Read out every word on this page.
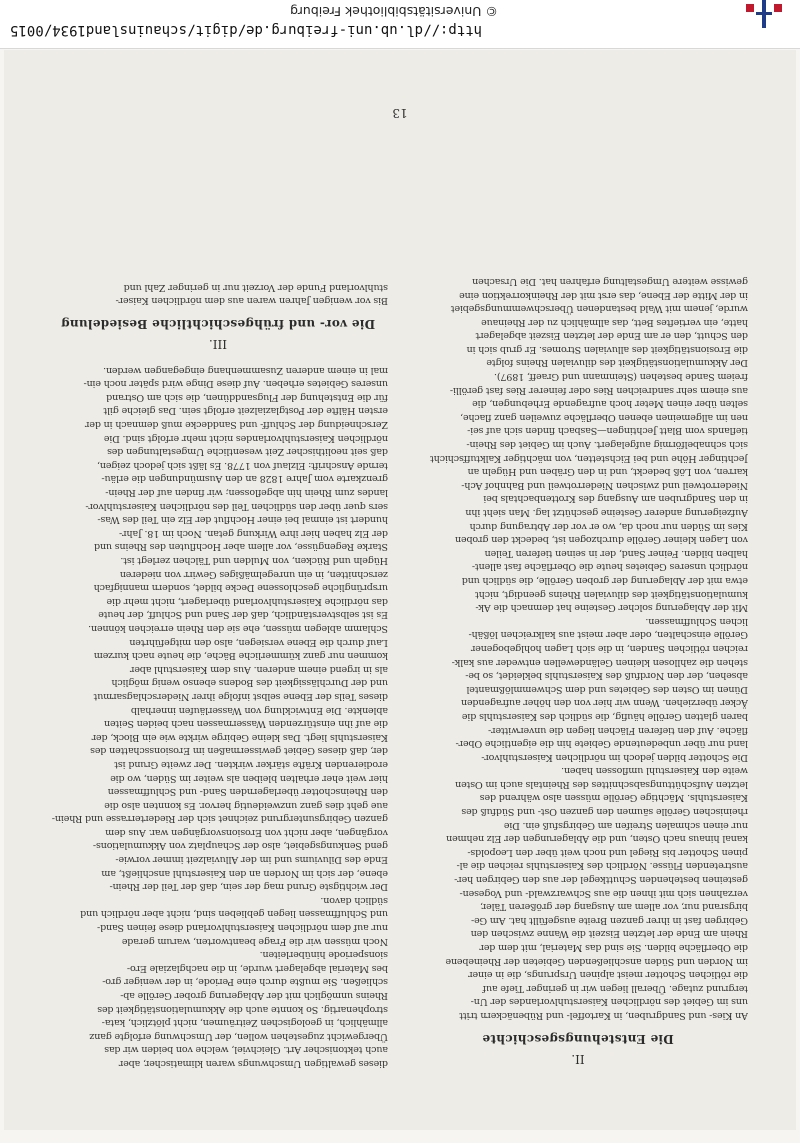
http://dl.ub.uni-freiburg.de/digit/schauinsland1934/0015
© Universitätsbibliothek Freiburg
II.
Die Entstehungsgeschichte
An Kies- und Sandgruben, in Kartoffel- und Rübenäckern tritt
uns im Gebiet des nördlichen Kaiserstuhlvorlandes der Un-
tergrund zutage. Überall liegen wir in geringer Tiefe auf
die rötlichen Schotter meist alpinen Ursprungs, die in einer
im Norden und Süden anschließenden Gebieten der Rheinebene
die Oberfläche bilden. Sie sind das Material, mit dem der
Rhein am Ende der letzten Eiszeit die Wanne zwischen den
Gebirgen fast in ihrer ganzen Breite ausgefüllt hat. Am Ge-
birgsrand nur, vor allem am Ausgang der größeren Täler,
verzahnen sich mit ihnen die aus Schwarzwald- und Vogesen-
gesteinen bestehenden Schuttkegel der aus den Gebirgen her-
austretenden Flüsse. Nördlich des Kaiserstuhls reichen die al-
pinen Schotter bis Riegel und noch weit über den Leopolds-
kanal hinaus nach Osten, und die Ablagerungen der Elz nehmen
nur einen schmalen Streifen am Gebirgsfuß ein. Die
rheinischen Gerölle säumen den ganzen Ost- und Südfuß des
Kaiserstuhls. Mächtige Gerölle müssen also während des
letzten Aufschüttungsabschnittes des Rheintals auch im Osten
weite den Kaiserstuhl umflossen haben.
Die Schotter bilden jedoch im nördlichen Kaiserstuhlvor-
land nur über unbedeutende Gebiete hin die eigentliche Ober-
fläche. Auf den tieferen Flächen liegen die unverwitter-
baren glatten Gerölle häufig, die südlich des Kaiserstuhls die
Äcker überziehen. Wenn wir hier von den höher aufragenden
Dünen im Osten des Gebietes und dem Schwemmlößmantel
absehen, der den Nordfuß des Kaiserstuhls bekleidet, so be-
stehen die zahllosen kleinen Geländewellen entweder aus kalk-
reichen rötlichen Sanden, in die sich Lagen hohlgebogener
Gerölle einschalten, oder aber meist aus kalkreichen lößäh-
lichen Schluffmassen.
Mit der Ablagerung solcher Gesteine hat demnach die Ak-
kumulationstätigkeit des diluvialen Rheins geendigt, nicht
etwa mit der Ablagerung der groben Gerölle, die südlich und
nördlich unseres Gebietes heute die Oberfläche fast allent-
halben bilden. Feiner Sand, der in seinen tieferen Teilen
von Lagen kleiner Gerölle durchzogen ist, bedeckt den groben
Kies im Süden nur noch da, wo er vor der Abtragung durch
Aufzeigerung anderer Gesteine geschützt lag. Man sieht ihn
in den Sandgruben am Ausgang des Krottenbachtals bei
Niederrotweil und zwischen Niederrotweil und Bahnhof Ach-
karren, von Löß bedeckt, und in den Gräben und Hügeln an
Jechtinger Höhe und bei Eichstetten, von mächtiger Kalktuffschicht
sich schnabelförmig aufgelagert. Auch im Gebiet des Rhein-
tieflands vom Blatt Jechtingen—Sasbach finden sich auf sei-
nen im allgemeinen ebenen Oberfläche zuweilen ganz flache,
selten über einen Meter hoch aufragende Erhebungen, die
aus einem sehr sandreichen Ries oder feinerer Ries fast gerölli-
freiem Sande bestehen (Steinmann und Graeff, 1897).
Der Akkumulationstätigkeit des diluvialen Rheins folgte
die Erosionstätigkeit des alluvialen Stromes. Er grub sich in
den Schutt, den er am Ende der letzten Eiszeit abgelagert
hatte, ein vertieftes Bett, das allmählich zu der Rheinaue
wurde, jenem mit Wald bestandenen Überschwemmungsgebiet
in der Mitte der Ebene, das erst mit der Rheinkorrektion eine
gewisse weitere Umgestaltung erfahren hat. Die Ursachen
dieses gewaltigen Umschwungs waren klimatischer, aber
auch tektonischer Art. Gleichviel, welche von beiden wir das
Übergewicht zugestehen wollen, der Umschwung erfolgte ganz
allmählich, in geologischen Zeiträumen, nicht plötzlich, kata-
strophenartig. So konnte auch die Akkumulationstätigkeit des
Rheins unmöglich mit der Ablagerung grober Gerölle ab-
schließen. Sie mußte durch eine Periode, in der weniger gro-
bes Material abgelagert wurde, in die nachglaziale Ero-
sionsperiode hinüberleiten.
Noch müssen wir die Frage beantworten, warum gerade
nur auf dem nördlichen Kaiserstuhlvorland diese feinen Sand-
und Schluffmassen liegen geblieben sind, nicht aber nördlich und
südlich davon.
Der wichtigste Grund mag der sein, daß der Teil der Rhein-
ebene, der sich im Norden an den Kaiserstuhl anschließt, am
Ende des Diluviums und im der Alluvialzeit immer vorwie-
gend Senkungsgebiet, also der Schauplatz von Akkumulations-
vorgängen, aber nicht von Erosionsvorgängen war. Aus dem
ganzen Gebirgsuntergrund zeichnet sich der Riederterrasse und Rhein-
aue geht dies ganz unzweideutig hervor. Es konnten also die
den Rheinschotter überlagernden Sand- und Schluffmassen
hier weit eher erhalten bleiben als weiter im Süden, wo die
erodierenden Kräfte stärker wirkten. Der zweite Grund ist
der, daß dieses Gebiet gewissermaßen im Erosionsschatten des
Kaiserstuhls liegt. Das kleine Gebirge wirkte wie ein Block, der
die auf ihn einstürzenden Wassermassen nach beiden Seiten
ablenkte. Die Entwicklung von Wasserläufen innerhalb
dieses Teils der Ebene selbst infolge ihrer Niederschlagsarmut
und der Durchlässigkeit des Bodens ebenso wenig möglich
als in irgend einem anderen. Aus dem Kaiserstuhl aber
kommen nur ganz kümmerliche Bäche, die heute nach kurzem
Lauf durch die Ebene versiegen, also den mitgeführten
Schlamm ablegen müssen, ehe sie den Rhein erreichen können.
Es ist selbstverständlich, daß der Sand und Schluff, der heute
das nördliche Kaiserstuhlvorland überlagert, nicht mehr die
ursprüngliche geschlossene Decke bildet, sondern mannigfach
zerschnitten, in ein unregelmäßiges Gewirr von niederen
Hügeln und Rücken, von Mulden und Tälchen zerlegt ist.
Starke Regengüsse, vor allem aber Hochfluten des Rheins und
der Elz haben hier ihre Wirkung getan. Noch im 18. Jahr-
hundert ist einmal bei einer Hochflut der Elz ein Teil des Was-
sers quer über den südlichen Teil des nördlichen Kaiserstuhlvor-
landes zum Rhein hin abgeflossen; wir finden auf der Rhein-
grenzkarte vom Jahre 1828 an den Ausmündungen die erläu-
ternde Anschrift: Elzlauf von 1778. Es läßt sich jedoch zeigen,
daß seit neolithischer Zeit wesentliche Umgestaltungen des
nördlichen Kaiserstuhlvorlandes nicht mehr erfolgt sind. Die
Zerschneidung der Schluff- und Sanddecke muß demnach in der
ersten Hälfte der Postglazialzeit erfolgt sein. Das gleiche gilt
für die Entstehung der Flugsanddünen, die sich am Ostrand
unseres Gebietes erheben. Auf diese Dinge wird später noch ein-
mal in einem anderen Zusammenhang eingegangen werden.
III.
Die vor- und frühgeschichtliche Besiedelung
Bis vor wenigen Jahren waren aus dem nördlichen Kaiser-
stuhlvorland Funde der Vorzeit nur in geringer Zahl und
13
